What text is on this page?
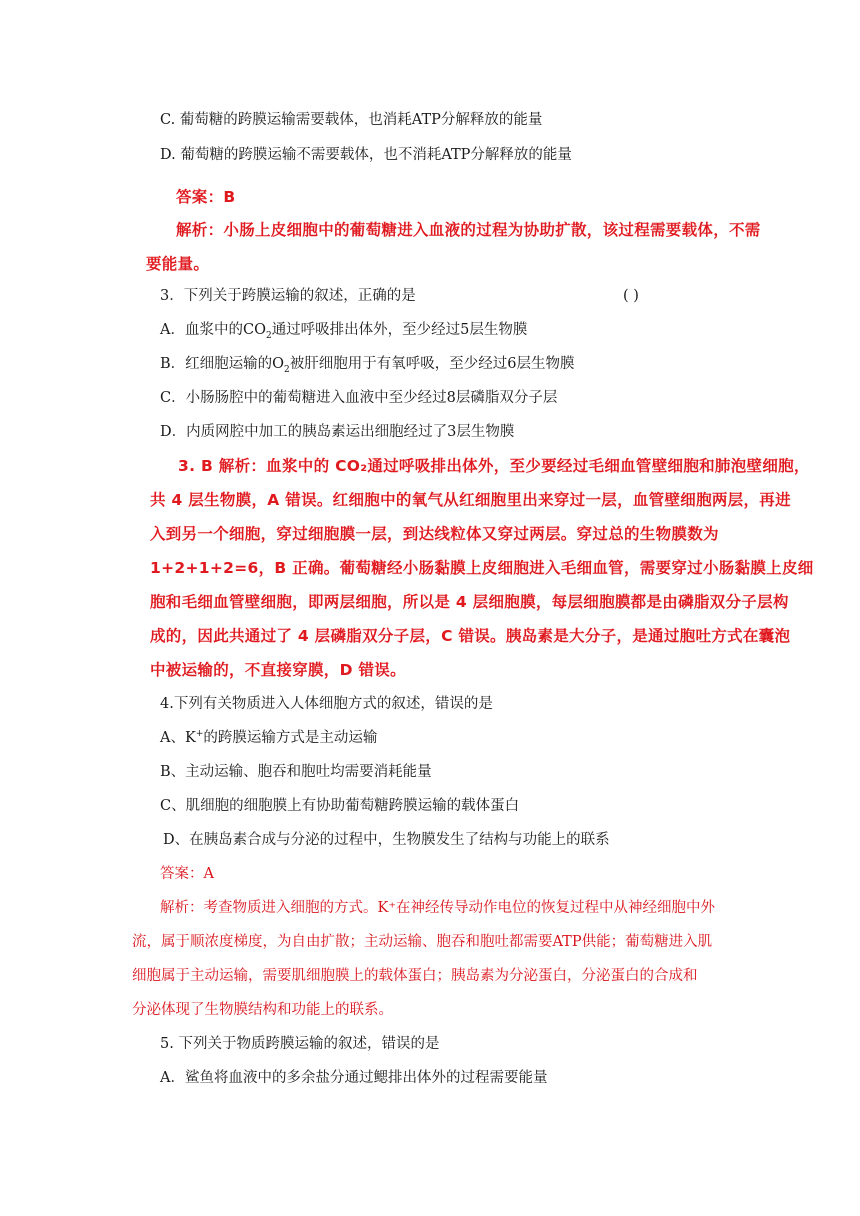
C. 葡萄糖的跨膜运输需要载体，也消耗ATP分解释放的能量
D. 葡萄糖的跨膜运输不需要载体，也不消耗ATP分解释放的能量
答案：B
解析：小肠上皮细胞中的葡萄糖进入血液的过程为协助扩散，该过程需要载体，不需
要能量。
3．下列关于跨膜运输的叙述，正确的是	( )
A．血浆中的$CO_2$通过呼吸排出体外，至少经过5层生物膜
B．红细胞运输的$O_2$被肝细胞用于有氧呼吸，至少经过6层生物膜
C．小肠肠腔中的葡萄糖进入血液中至少经过8层磷脂双分子层
D．内质网腔中加工的胰岛素运出细胞经过了3层生物膜
3. B 解析：血浆中的 CO₂通过呼吸排出体外，至少要经过毛细血管壁细胞和肺泡壁细胞，
共 4 层生物膜，A 错误。红细胞中的氧气从红细胞里出来穿过一层，血管壁细胞两层，再进
入到另一个细胞，穿过细胞膜一层，到达线粒体又穿过两层。穿过总的生物膜数为
1+2+1+2=6，B 正确。葡萄糖经小肠黏膜上皮细胞进入毛细血管，需要穿过小肠黏膜上皮细
胞和毛细血管壁细胞，即两层细胞，所以是 4 层细胞膜，每层细胞膜都是由磷脂双分子层构
成的，因此共通过了 4 层磷脂双分子层，C 错误。胰岛素是大分子，是通过胞吐方式在囊泡
中被运输的，不直接穿膜，D 错误。
4.下列有关物质进入人体细胞方式的叙述，错误的是
A、K+的跨膜运输方式是主动运输
B、主动运输、胞吞和胞吐均需要消耗能量
C、肌细胞的细胞膜上有协助葡萄糖跨膜运输的载体蛋白
D、在胰岛素合成与分泌的过程中，生物膜发生了结构与功能上的联系
答案：A
解析：考查物质进入细胞的方式。K⁺在神经传导动作电位的恢复过程中从神经细胞中外
流，属于顺浓度梯度，为自由扩散；主动运输、胞吞和胞吐都需要ATP供能；葡萄糖进入肌
细胞属于主动运输，需要肌细胞膜上的载体蛋白；胰岛素为分泌蛋白，分泌蛋白的合成和
分泌体现了生物膜结构和功能上的联系。
5. 下列关于物质跨膜运输的叙述，错误的是
A．鲨鱼将血液中的多余盐分通过鳃排出体外的过程需要能量
